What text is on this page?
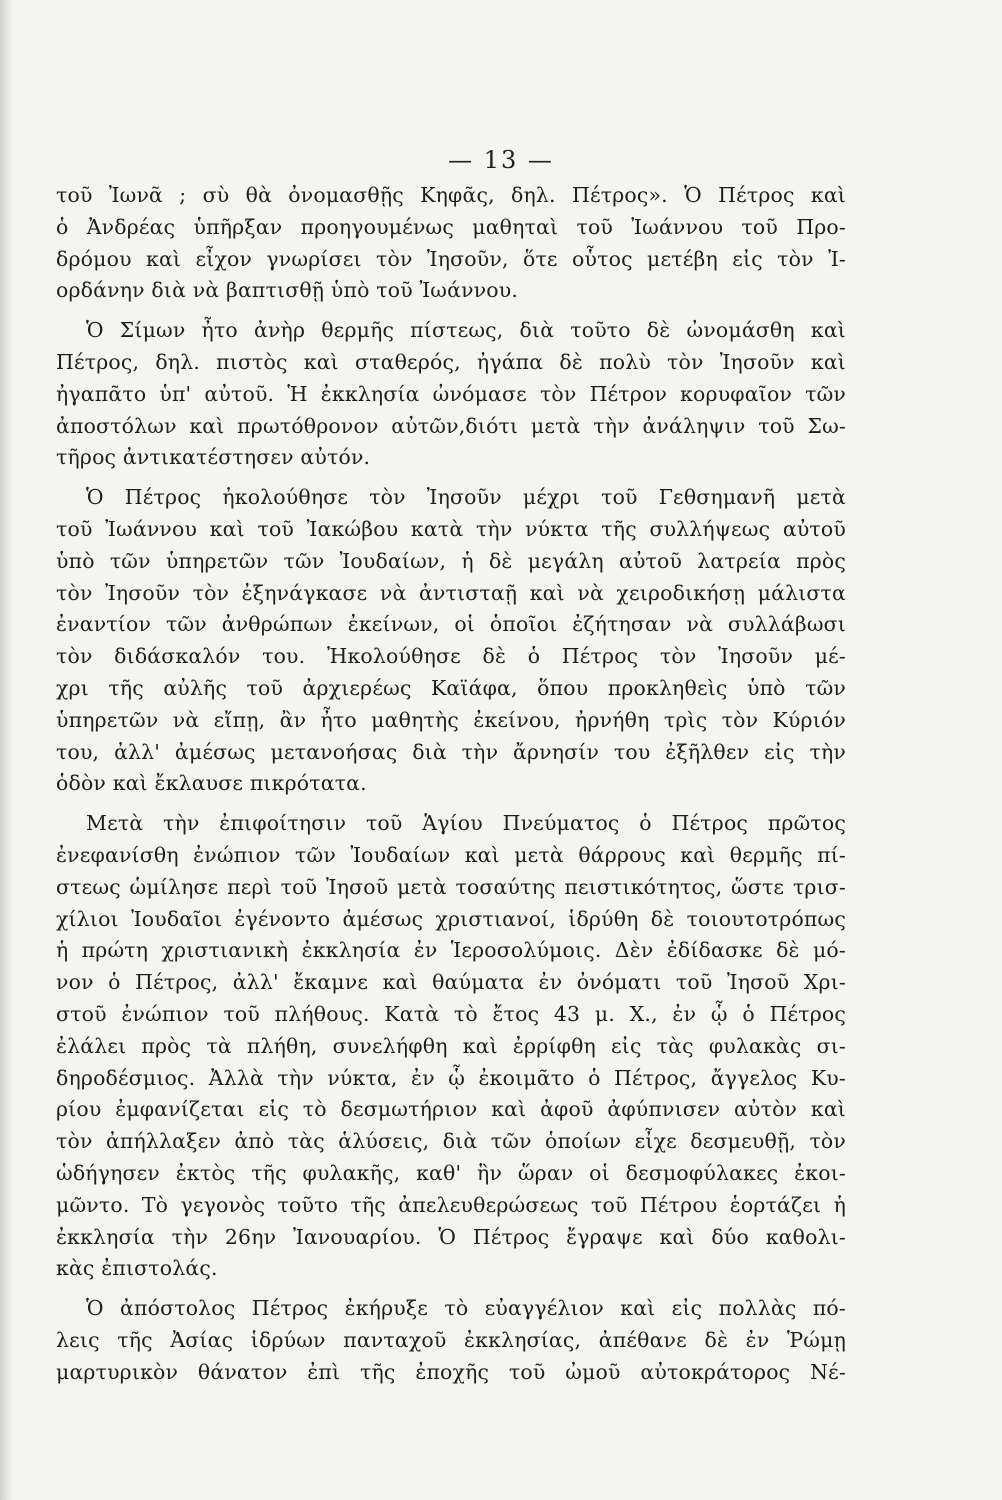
— 13 —

τοῦ Ἰωνᾶ ; σὺ θὰ ὀνομασθῇς Κηφᾶς, δηλ. Πέτρος». Ὁ Πέτρος καὶ
ὁ Ἀνδρέας ὑπῆρξαν προηγουμένως μαθηταὶ τοῦ Ἰωάννου τοῦ Προ-
δρόμου καὶ εἶχον γνωρίσει τὸν Ἰησοῦν, ὅτε οὗτος μετέβη εἰς τὸν Ἰ-
ορδάνην διὰ νὰ βαπτισθῇ ὑπὸ τοῦ Ἰωάννου.

Ὁ Σίμων ἦτο ἀνὴρ θερμῆς πίστεως, διὰ τοῦτο δὲ ὠνομάσθη καὶ
Πέτρος, δηλ. πιστὸς καὶ σταθερός, ἠγάπα δὲ πολὺ τὸν Ἰησοῦν καὶ
ἠγαπᾶτο ὑπ' αὐτοῦ. Ἡ ἐκκλησία ὠνόμασε τὸν Πέτρον κορυφαῖον τῶν
ἀποστόλων καὶ πρωτόθρονον αὐτῶν,διότι μετὰ τὴν ἀνάληψιν τοῦ Σω-
τῆρος ἀντικατέστησεν αὐτόν.

Ὁ Πέτρος ἠκολούθησε τὸν Ἰησοῦν μέχρι τοῦ Γεθσημανῆ μετὰ
τοῦ Ἰωάννου καὶ τοῦ Ἰακώβου κατὰ τὴν νύκτα τῆς συλλήψεως αὐτοῦ
ὑπὸ τῶν ὑπηρετῶν τῶν Ἰουδαίων, ἡ δὲ μεγάλη αὐτοῦ λατρεία πρὸς
τὸν Ἰησοῦν τὸν ἐξηνάγκασε νὰ ἀντισταῇ καὶ νὰ χειροδικήσῃ μάλιστα
ἐναντίον τῶν ἀνθρώπων ἐκείνων, οἱ ὁποῖοι ἐζήτησαν νὰ συλλάβωσι
τὸν διδάσκαλόν του. Ἠκολούθησε δὲ ὁ Πέτρος τὸν Ἰησοῦν μέ-
χρι τῆς αὐλῆς τοῦ ἀρχιερέως Καϊάφα, ὅπου προκληθεὶς ὑπὸ τῶν
ὑπηρετῶν νὰ εἴπῃ, ἂν ἦτο μαθητὴς ἐκείνου, ἠρνήθη τρὶς τὸν Κύριόν
του, ἀλλ' ἀμέσως μετανοήσας διὰ τὴν ἄρνησίν του ἐξῆλθεν εἰς τὴν
ὁδὸν καὶ ἔκλαυσε πικρότατα.

Μετὰ τὴν ἐπιφοίτησιν τοῦ Ἁγίου Πνεύματος ὁ Πέτρος πρῶτος
ἐνεφανίσθη ἐνώπιον τῶν Ἰουδαίων καὶ μετὰ θάρρους καὶ θερμῆς πί-
στεως ὡμίλησε περὶ τοῦ Ἰησοῦ μετὰ τοσαύτης πειστικότητος, ὥστε τρισ-
χίλιοι Ἰουδαῖοι ἐγένοντο ἀμέσως χριστιανοί, ἱδρύθη δὲ τοιουτοτρόπως
ἡ πρώτη χριστιανικὴ ἐκκλησία ἐν Ἱεροσολύμοις. Δὲν ἐδίδασκε δὲ μό-
νον ὁ Πέτρος, ἀλλ' ἔκαμνε καὶ θαύματα ἐν ὀνόματι τοῦ Ἰησοῦ Χρι-
στοῦ ἐνώπιον τοῦ πλήθους. Κατὰ τὸ ἔτος 43 μ. Χ., ἐν ᾧ ὁ Πέτρος
ἐλάλει πρὸς τὰ πλήθη, συνελήφθη καὶ ἐρρίφθη εἰς τὰς φυλακὰς σι-
δηροδέσμιος. Ἀλλὰ τὴν νύκτα, ἐν ᾧ ἐκοιμᾶτο ὁ Πέτρος, ἄγγελος Κυ-
ρίου ἐμφανίζεται εἰς τὸ δεσμωτήριον καὶ ἀφοῦ ἀφύπνισεν αὐτὸν καὶ
τὸν ἀπήλλαξεν ἀπὸ τὰς ἁλύσεις, διὰ τῶν ὁποίων εἶχε δεσμευθῇ, τὸν
ὡδήγησεν ἐκτὸς τῆς φυλακῆς, καθ' ἣν ὥραν οἱ δεσμοφύλακες ἐκοι-
μῶντο. Τὸ γεγονὸς τοῦτο τῆς ἀπελευθερώσεως τοῦ Πέτρου ἑορτάζει ἡ
ἐκκλησία τὴν 26ην Ἰανουαρίου. Ὁ Πέτρος ἔγραψε καὶ δύο καθολι-
κὰς ἐπιστολάς.

Ὁ ἀπόστολος Πέτρος ἐκήρυξε τὸ εὐαγγέλιον καὶ εἰς πολλὰς πό-
λεις τῆς Ἀσίας ἱδρύων πανταχοῦ ἐκκλησίας, ἀπέθανε δὲ ἐν Ῥώμῃ
μαρτυρικὸν θάνατον ἐπὶ τῆς ἐποχῆς τοῦ ὠμοῦ αὐτοκράτορος Νέ-
